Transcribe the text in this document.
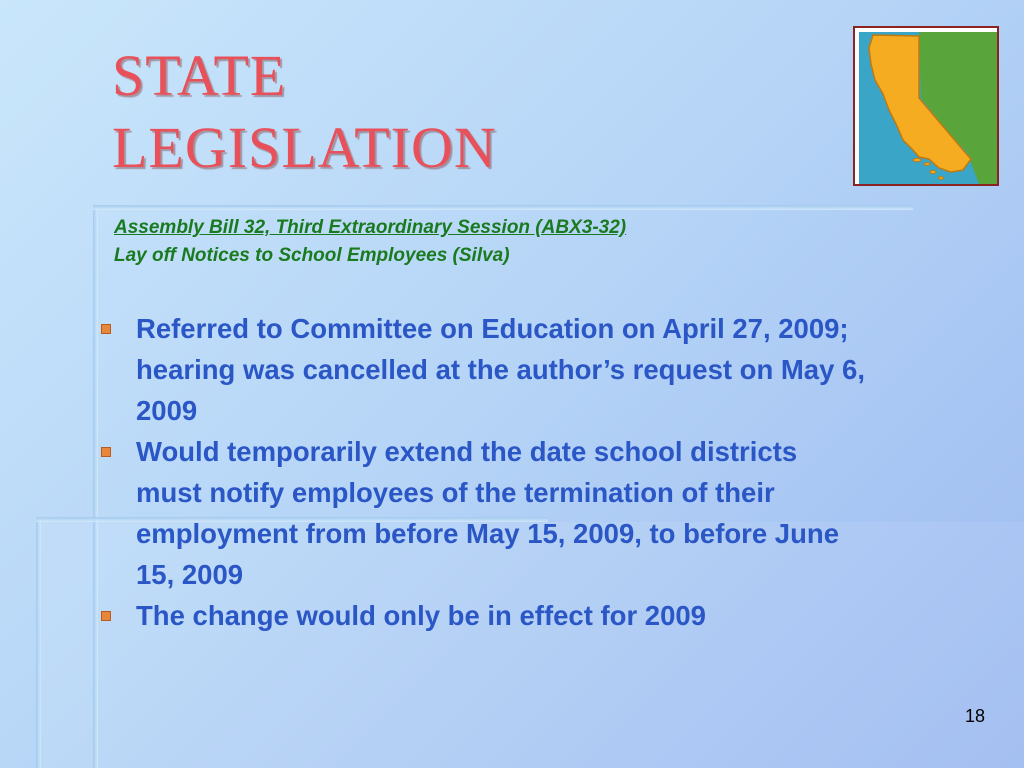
STATE
LEGISLATION
Assembly Bill 32, Third Extraordinary Session (ABX3-32)
Lay off Notices to School Employees (Silva)
Referred to Committee on Education on April 27, 2009; hearing was cancelled at the author’s request on May 6, 2009
Would temporarily extend the date school districts must notify employees of the termination of their employment from before May 15, 2009, to before June 15, 2009
The change would only be in effect for 2009
18
